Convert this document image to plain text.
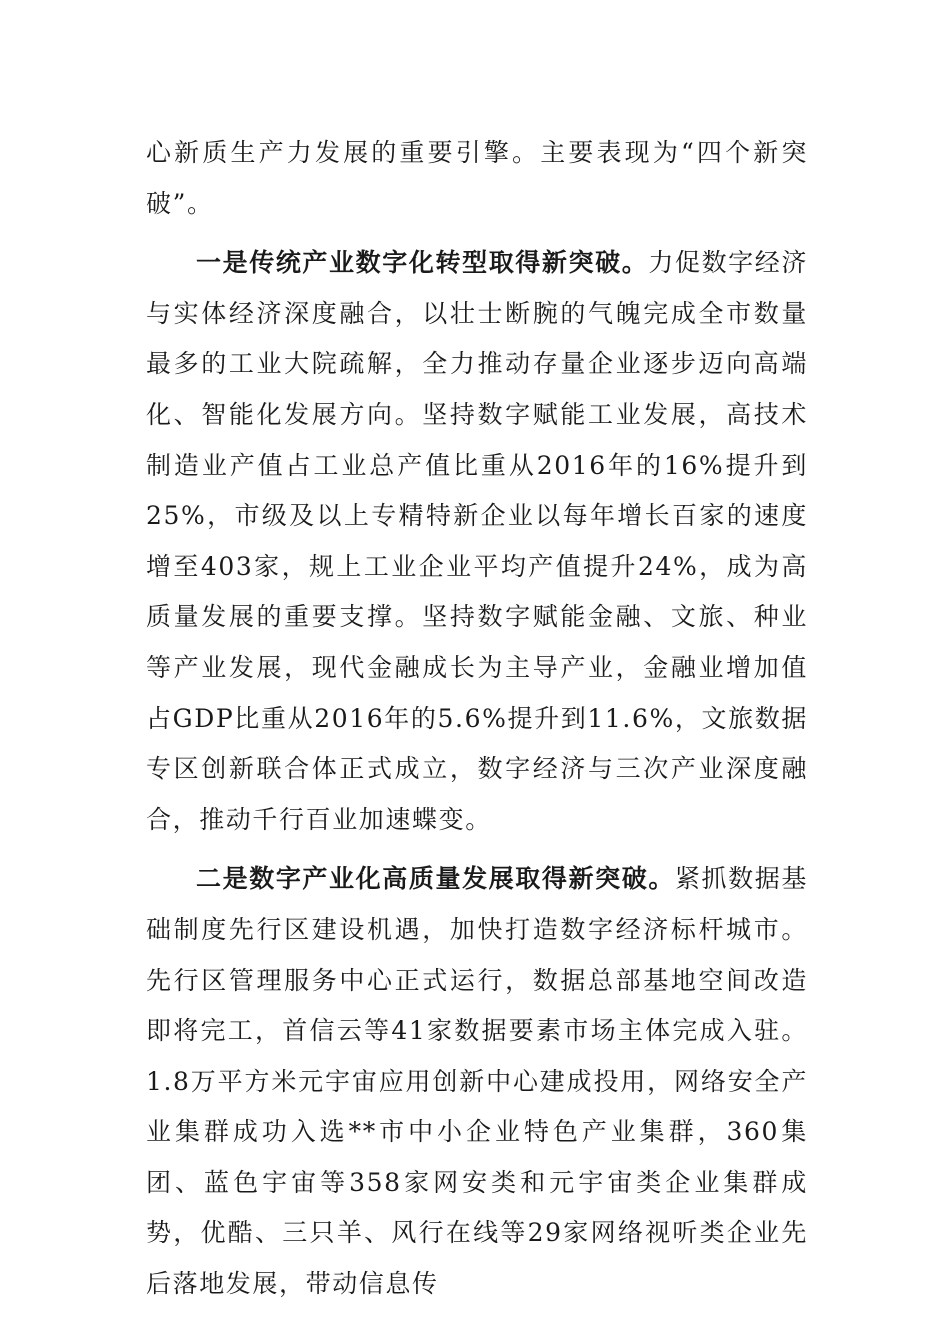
心新质生产力发展的重要引擎。主要表现为“四个新突破”。

一是传统产业数字化转型取得新突破。力促数字经济与实体经济深度融合，以壮士断腕的气魄完成全市数量最多的工业大院疏解，全力推动存量企业逐步迈向高端化、智能化发展方向。坚持数字赋能工业发展，高技术制造业产值占工业总产值比重从2016年的16%提升到25%，市级及以上专精特新企业以每年增长百家的速度增至403家，规上工业企业平均产值提升24%，成为高质量发展的重要支撑。坚持数字赋能金融、文旅、种业等产业发展，现代金融成长为主导产业，金融业增加值占GDP比重从2016年的5.6%提升到11.6%，文旅数据专区创新联合体正式成立，数字经济与三次产业深度融合，推动千行百业加速蝶变。

二是数字产业化高质量发展取得新突破。紧抓数据基础制度先行区建设机遇，加快打造数字经济标杆城市。先行区管理服务中心正式运行，数据总部基地空间改造即将完工，首信云等41家数据要素市场主体完成入驻。1.8万平方米元宇宙应用创新中心建成投用，网络安全产业集群成功入选**市中小企业特色产业集群，360集团、蓝色宇宙等358家网安类和元宇宙类企业集群成势，优酷、三只羊、风行在线等29家网络视听类企业先后落地发展，带动信息传
